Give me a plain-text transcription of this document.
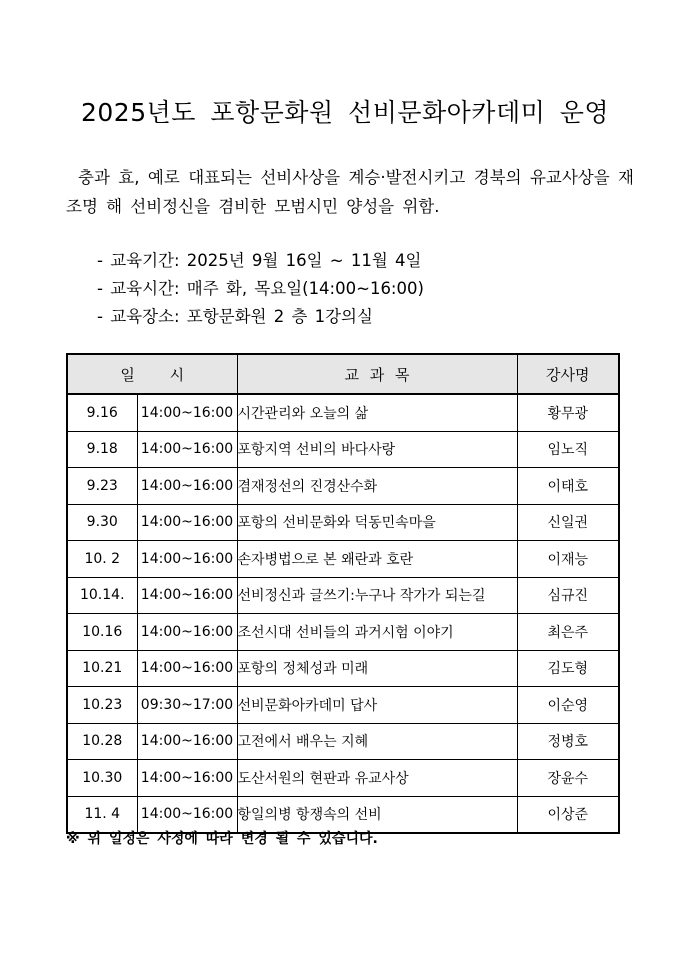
2025년도 포항문화원 선비문화아카데미 운영
충과 효, 예로 대표되는 선비사상을 계승·발전시키고 경북의 유교사상을 재조명 해 선비정신을 겸비한 모범시민 양성을 위함.
- 교육기간: 2025년 9월 16일 ~ 11월 4일
- 교육시간: 매주 화, 목요일(14:00~16:00)
- 교육장소: 포항문화원 2 층 1강의실
일 시		교 과 목	강사명
9.16	14:00~16:00	시간관리와 오늘의 삶	황무광
9.18	14:00~16:00	포항지역 선비의 바다사랑	임노직
9.23	14:00~16:00	겸재정선의 진경산수화	이태호
9.30	14:00~16:00	포항의 선비문화와 덕동민속마을	신일권
10. 2	14:00~16:00	손자병법으로 본 왜란과 호란	이재능
10.14.	14:00~16:00	선비정신과 글쓰기:누구나 작가가 되는길	심규진
10.16	14:00~16:00	조선시대 선비들의 과거시험 이야기	최은주
10.21	14:00~16:00	포항의 정체성과 미래	김도형
10.23	09:30~17:00	선비문화아카데미 답사	이순영
10.28	14:00~16:00	고전에서 배우는 지혜	정병호
10.30	14:00~16:00	도산서원의 현판과 유교사상	장윤수
11. 4	14:00~16:00	항일의병 항쟁속의 선비	이상준
※ 위 일정은 사정에 따라 변경 될 수 있습니다.
